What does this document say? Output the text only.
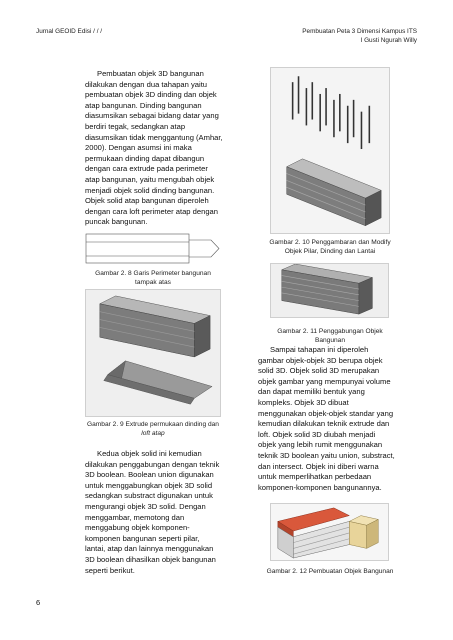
Jurnal GEOID Edisi / / /	Pembuatan Peta 3 Dimensi Kampus ITS
I Gusti Ngurah Willy
Pembuatan objek 3D bangunan
dilakukan dengan dua tahapan yaitu
pembuatan objek 3D dinding dan objek
atap bangunan. Dinding bangunan
diasumsikan sebagai bidang datar yang
berdiri tegak, sedangkan atap
diasumsikan tidak menggantung (Amhar,
2000). Dengan asumsi ini maka
permukaan dinding dapat dibangun
dengan cara extrude pada perimeter
atap bangunan, yaitu mengubah objek
menjadi objek solid dinding bangunan.
Objek solid atap bangunan diperoleh
dengan cara loft perimeter atap dengan
puncak bangunan.
Gambar 2. 8 Garis Perimeter bangunan
tampak atas
Gambar 2. 9 Extrude permukaan dinding dan
loft atap
Kedua objek solid ini kemudian
dilakukan penggabungan dengan teknik
3D boolean. Boolean union digunakan
untuk menggabungkan objek 3D solid
sedangkan substract digunakan untuk
mengurangi objek 3D solid. Dengan
menggambar, memotong dan
menggabung objek komponen-
komponen bangunan seperti pilar,
lantai, atap dan lainnya menggunakan
3D boolean dihasilkan objek bangunan
seperti berikut.
Gambar 2. 10 Penggambaran dan Modify
Objek Pilar, Dinding dan Lantai
Gambar 2. 11 Penggabungan Objek
Bangunan
Sampai tahapan ini diperoleh
gambar objek-objek 3D berupa objek
solid 3D. Objek solid 3D merupakan
objek gambar yang mempunyai volume
dan dapat memiliki bentuk yang
kompleks. Objek 3D dibuat
menggunakan objek-objek standar yang
kemudian dilakukan teknik extrude dan
loft. Objek solid 3D diubah menjadi
objek yang lebih rumit menggunakan
teknik 3D boolean yaitu union, substract,
dan intersect. Objek ini diberi warna
untuk memperlihatkan perbedaan
komponen-komponen bangunannya.
Gambar 2. 12 Pembuatan Objek Bangunan
6
